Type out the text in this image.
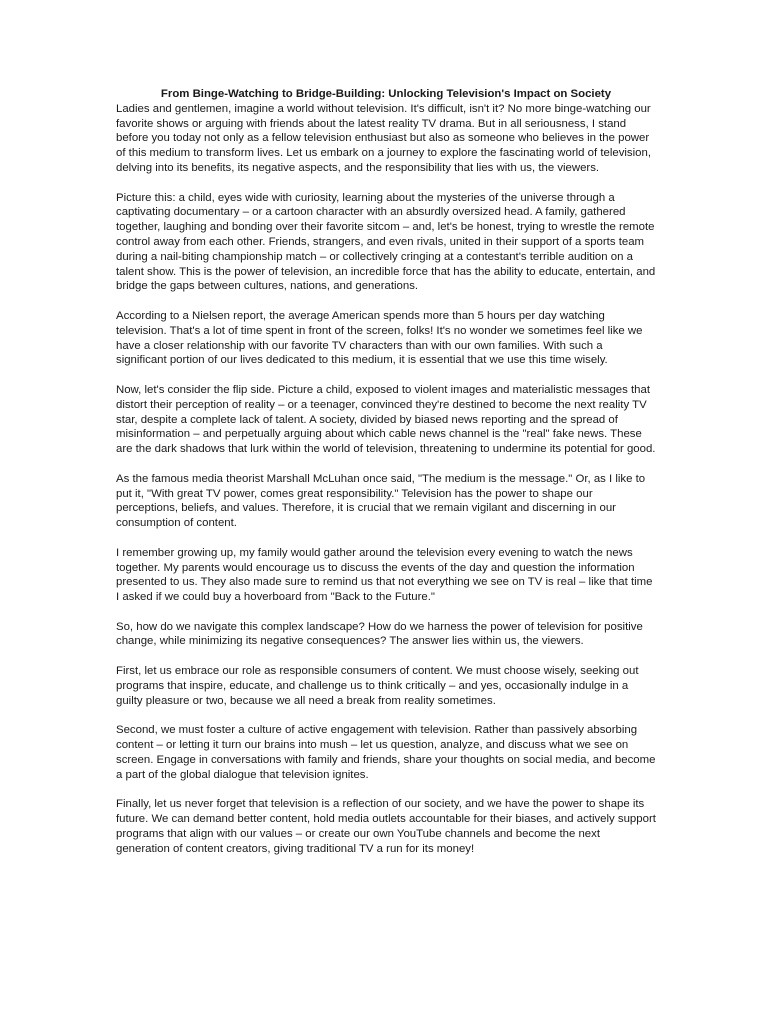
From Binge-Watching to Bridge-Building: Unlocking Television's Impact on Society

Ladies and gentlemen, imagine a world without television. It's difficult, isn't it? No more binge-watching our favorite shows or arguing with friends about the latest reality TV drama. But in all seriousness, I stand before you today not only as a fellow television enthusiast but also as someone who believes in the power of this medium to transform lives. Let us embark on a journey to explore the fascinating world of television, delving into its benefits, its negative aspects, and the responsibility that lies with us, the viewers.

Picture this: a child, eyes wide with curiosity, learning about the mysteries of the universe through a captivating documentary – or a cartoon character with an absurdly oversized head. A family, gathered together, laughing and bonding over their favorite sitcom – and, let's be honest, trying to wrestle the remote control away from each other. Friends, strangers, and even rivals, united in their support of a sports team during a nail-biting championship match – or collectively cringing at a contestant's terrible audition on a talent show. This is the power of television, an incredible force that has the ability to educate, entertain, and bridge the gaps between cultures, nations, and generations.

According to a Nielsen report, the average American spends more than 5 hours per day watching television. That's a lot of time spent in front of the screen, folks! It's no wonder we sometimes feel like we have a closer relationship with our favorite TV characters than with our own families. With such a significant portion of our lives dedicated to this medium, it is essential that we use this time wisely.

Now, let's consider the flip side. Picture a child, exposed to violent images and materialistic messages that distort their perception of reality – or a teenager, convinced they're destined to become the next reality TV star, despite a complete lack of talent. A society, divided by biased news reporting and the spread of misinformation – and perpetually arguing about which cable news channel is the "real" fake news. These are the dark shadows that lurk within the world of television, threatening to undermine its potential for good.

As the famous media theorist Marshall McLuhan once said, "The medium is the message." Or, as I like to put it, "With great TV power, comes great responsibility." Television has the power to shape our perceptions, beliefs, and values. Therefore, it is crucial that we remain vigilant and discerning in our consumption of content.

I remember growing up, my family would gather around the television every evening to watch the news together. My parents would encourage us to discuss the events of the day and question the information presented to us. They also made sure to remind us that not everything we see on TV is real – like that time I asked if we could buy a hoverboard from "Back to the Future."

So, how do we navigate this complex landscape? How do we harness the power of television for positive change, while minimizing its negative consequences? The answer lies within us, the viewers.

First, let us embrace our role as responsible consumers of content. We must choose wisely, seeking out programs that inspire, educate, and challenge us to think critically – and yes, occasionally indulge in a guilty pleasure or two, because we all need a break from reality sometimes.

Second, we must foster a culture of active engagement with television. Rather than passively absorbing content – or letting it turn our brains into mush – let us question, analyze, and discuss what we see on screen. Engage in conversations with family and friends, share your thoughts on social media, and become a part of the global dialogue that television ignites.

Finally, let us never forget that television is a reflection of our society, and we have the power to shape its future. We can demand better content, hold media outlets accountable for their biases, and actively support programs that align with our values – or create our own YouTube channels and become the next generation of content creators, giving traditional TV a run for its money!
